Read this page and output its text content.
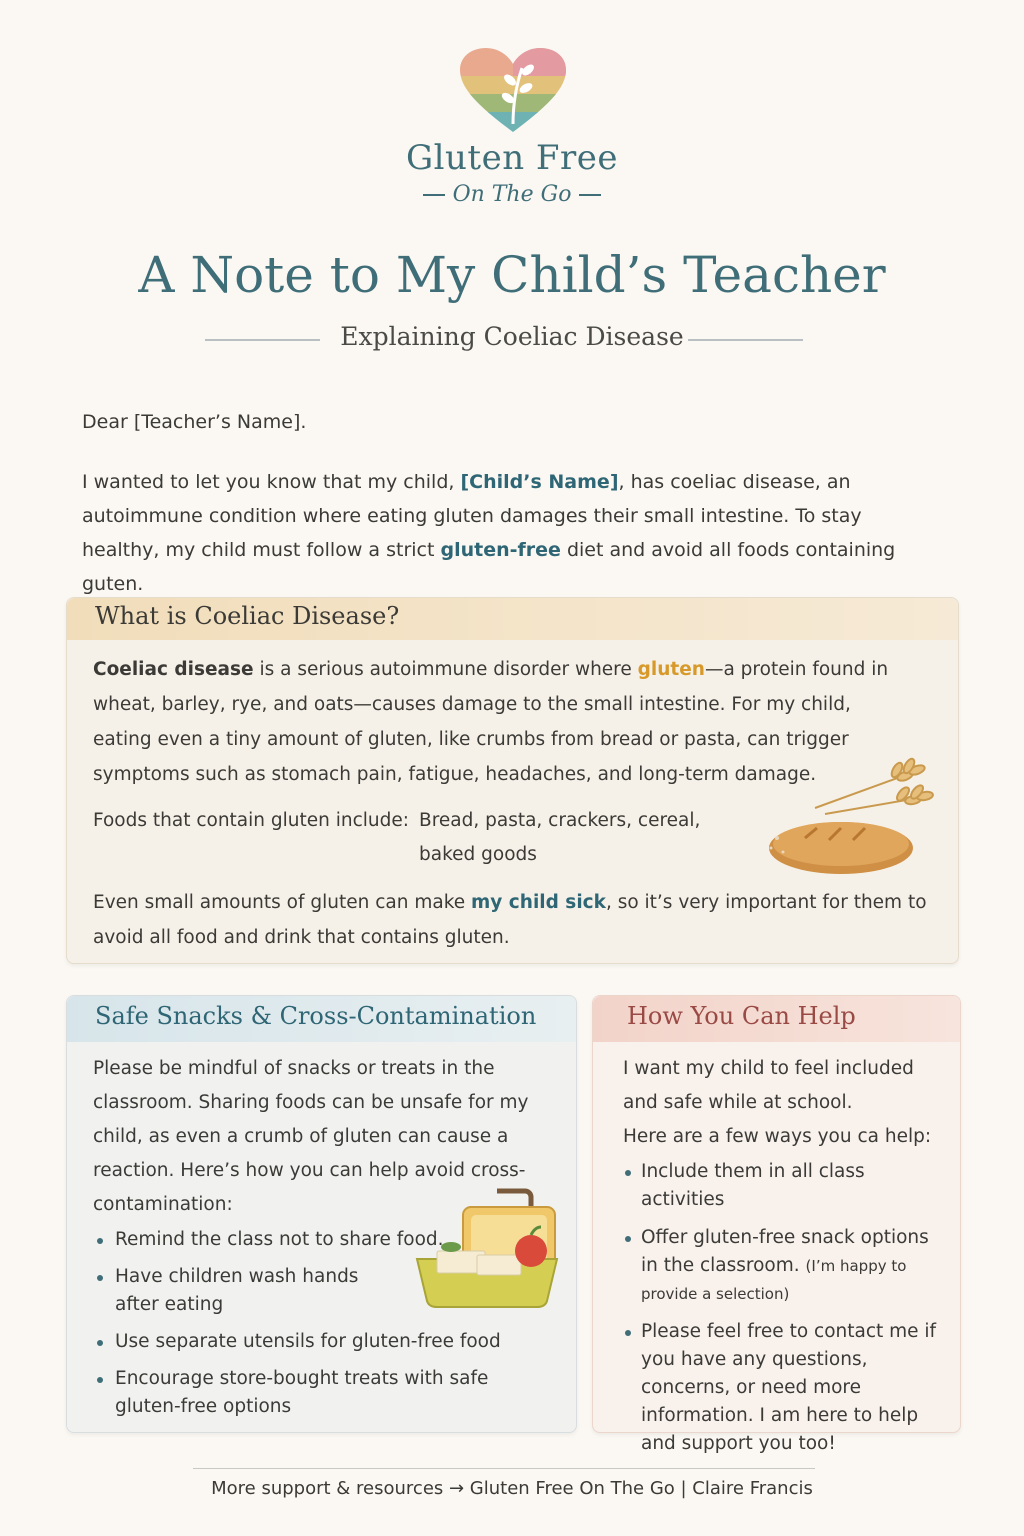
Gluten Free
On The Go
A Note to My Child’s Teacher
Explaining Coeliac Disease
Dear [Teacher’s Name].
I wanted to let you know that my child, [Child’s Name], has coeliac disease, an autoimmune condition where eating gluten damages their small intestine. To stay healthy, my child must follow a strict gluten-free diet and avoid all foods containing guten.
What is Coeliac Disease?
Coeliac disease is a serious autoimmune disorder where gluten—a protein found in wheat, barley, rye, and oats—causes damage to the small intestine. For my child, eating even a tiny amount of gluten, like crumbs from bread or pasta, can trigger symptoms such as stomach pain, fatigue, headaches, and long-term damage.
Foods that contain gluten include: Bread, pasta, crackers, cereal, baked goods
Even small amounts of gluten can make my child sick, so it’s very important for them to avoid all food and drink that contains gluten.
Safe Snacks & Cross-Contamination
Please be mindful of snacks or treats in the classroom. Sharing foods can be unsafe for my child, as even a crumb of gluten can cause a reaction. Here’s how you can help avoid cross-contamination:
Remind the class not to share food.
Have children wash hands after eating
Use separate utensils for gluten-free food
Encourage store-bought treats with safe gluten-free options
How You Can Help
I want my child to feel included and safe while at school.
Here are a few ways you ca help:
Include them in all class activities
Offer gluten-free snack options in the classroom. (I’m happy to provide a selection)
Please feel free to contact me if you have any questions, concerns, or need more information. I am here to help and support you too!
More support & resources → Gluten Free On The Go | Claire Francis
